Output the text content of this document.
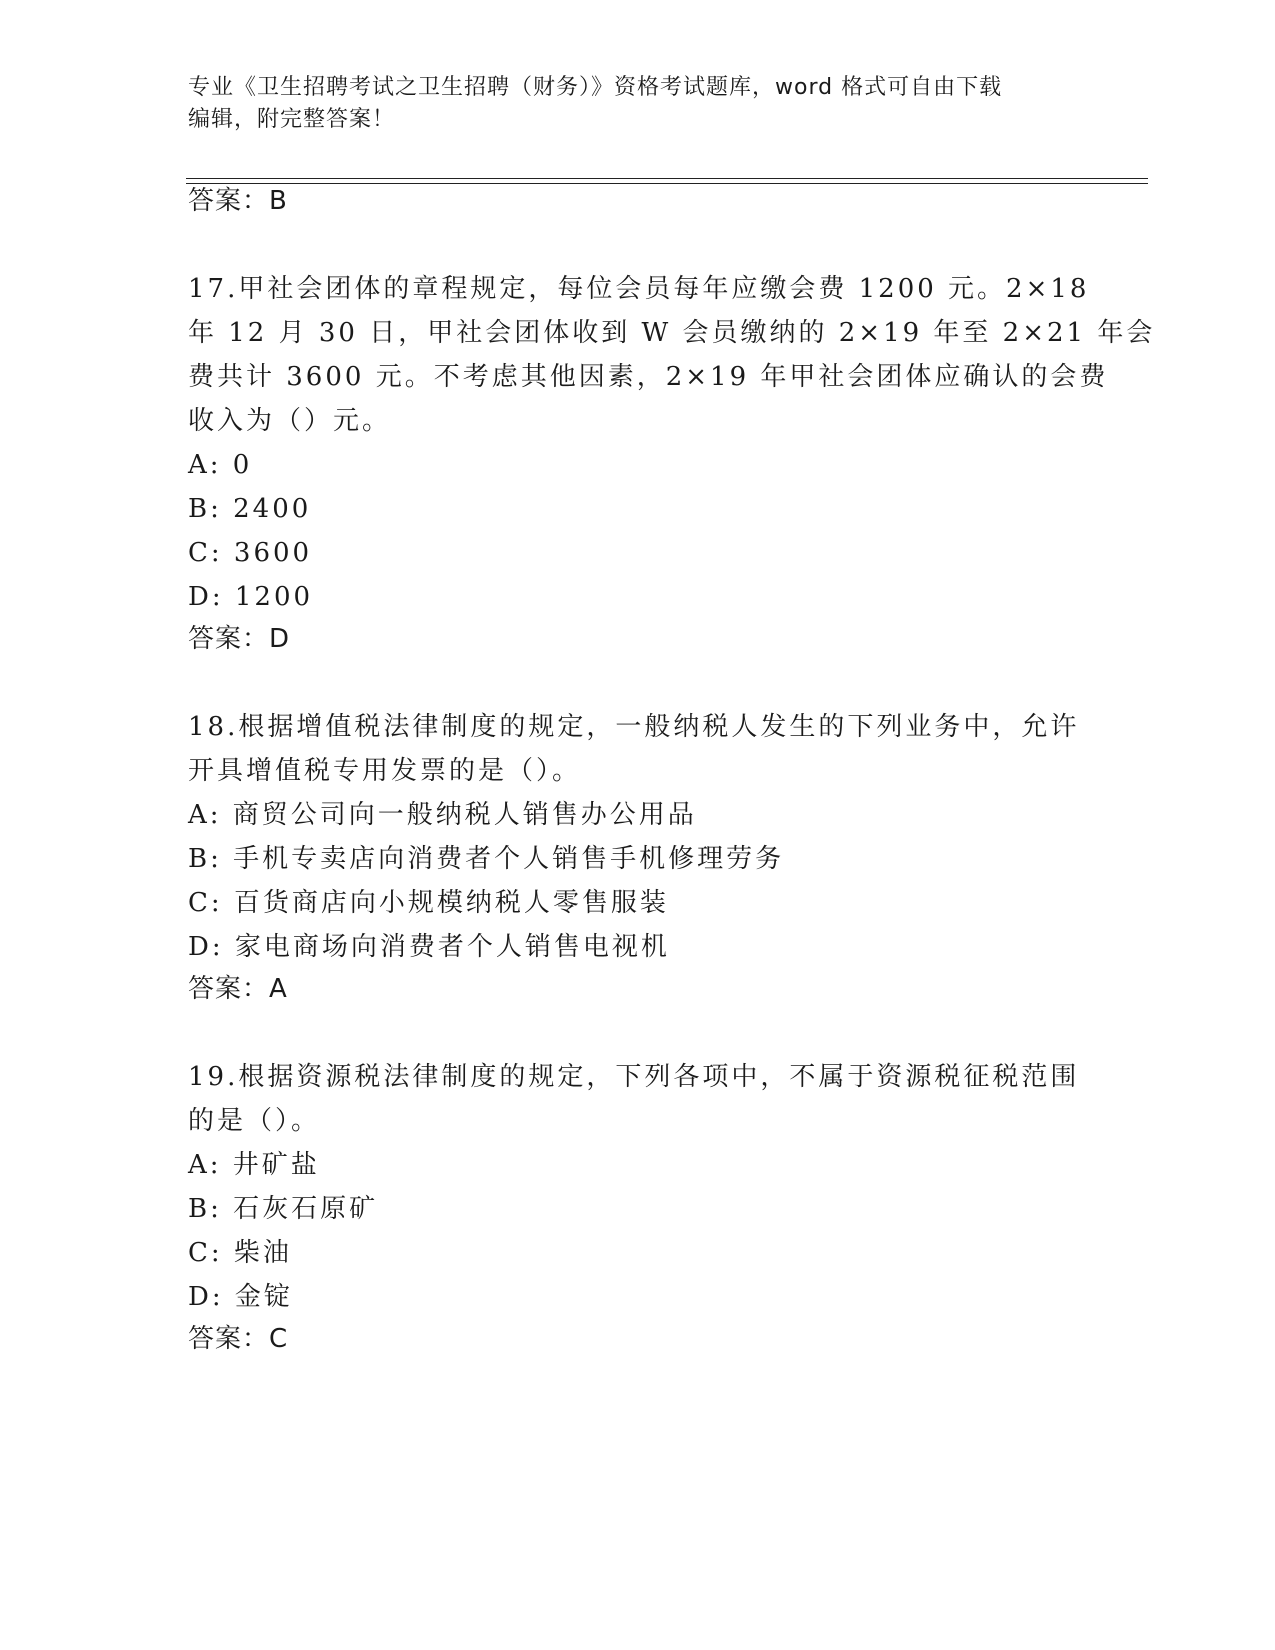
专业《卫生招聘考试之卫生招聘（财务）》资格考试题库，word 格式可自由下载
编辑，附完整答案！
答案：B
17.甲社会团体的章程规定，每位会员每年应缴会费 1200 元。2×18
年 12 月 30 日，甲社会团体收到 W 会员缴纳的 2×19 年至 2×21 年会
费共计 3600 元。不考虑其他因素，2×19 年甲社会团体应确认的会费
收入为（）元。
A: 0
B: 2400
C: 3600
D: 1200
答案：D
18.根据增值税法律制度的规定，一般纳税人发生的下列业务中，允许
开具增值税专用发票的是（）。
A: 商贸公司向一般纳税人销售办公用品
B: 手机专卖店向消费者个人销售手机修理劳务
C: 百货商店向小规模纳税人零售服装
D: 家电商场向消费者个人销售电视机
答案：A
19.根据资源税法律制度的规定，下列各项中，不属于资源税征税范围
的是（）。
A: 井矿盐
B: 石灰石原矿
C: 柴油
D: 金锭
答案：C
